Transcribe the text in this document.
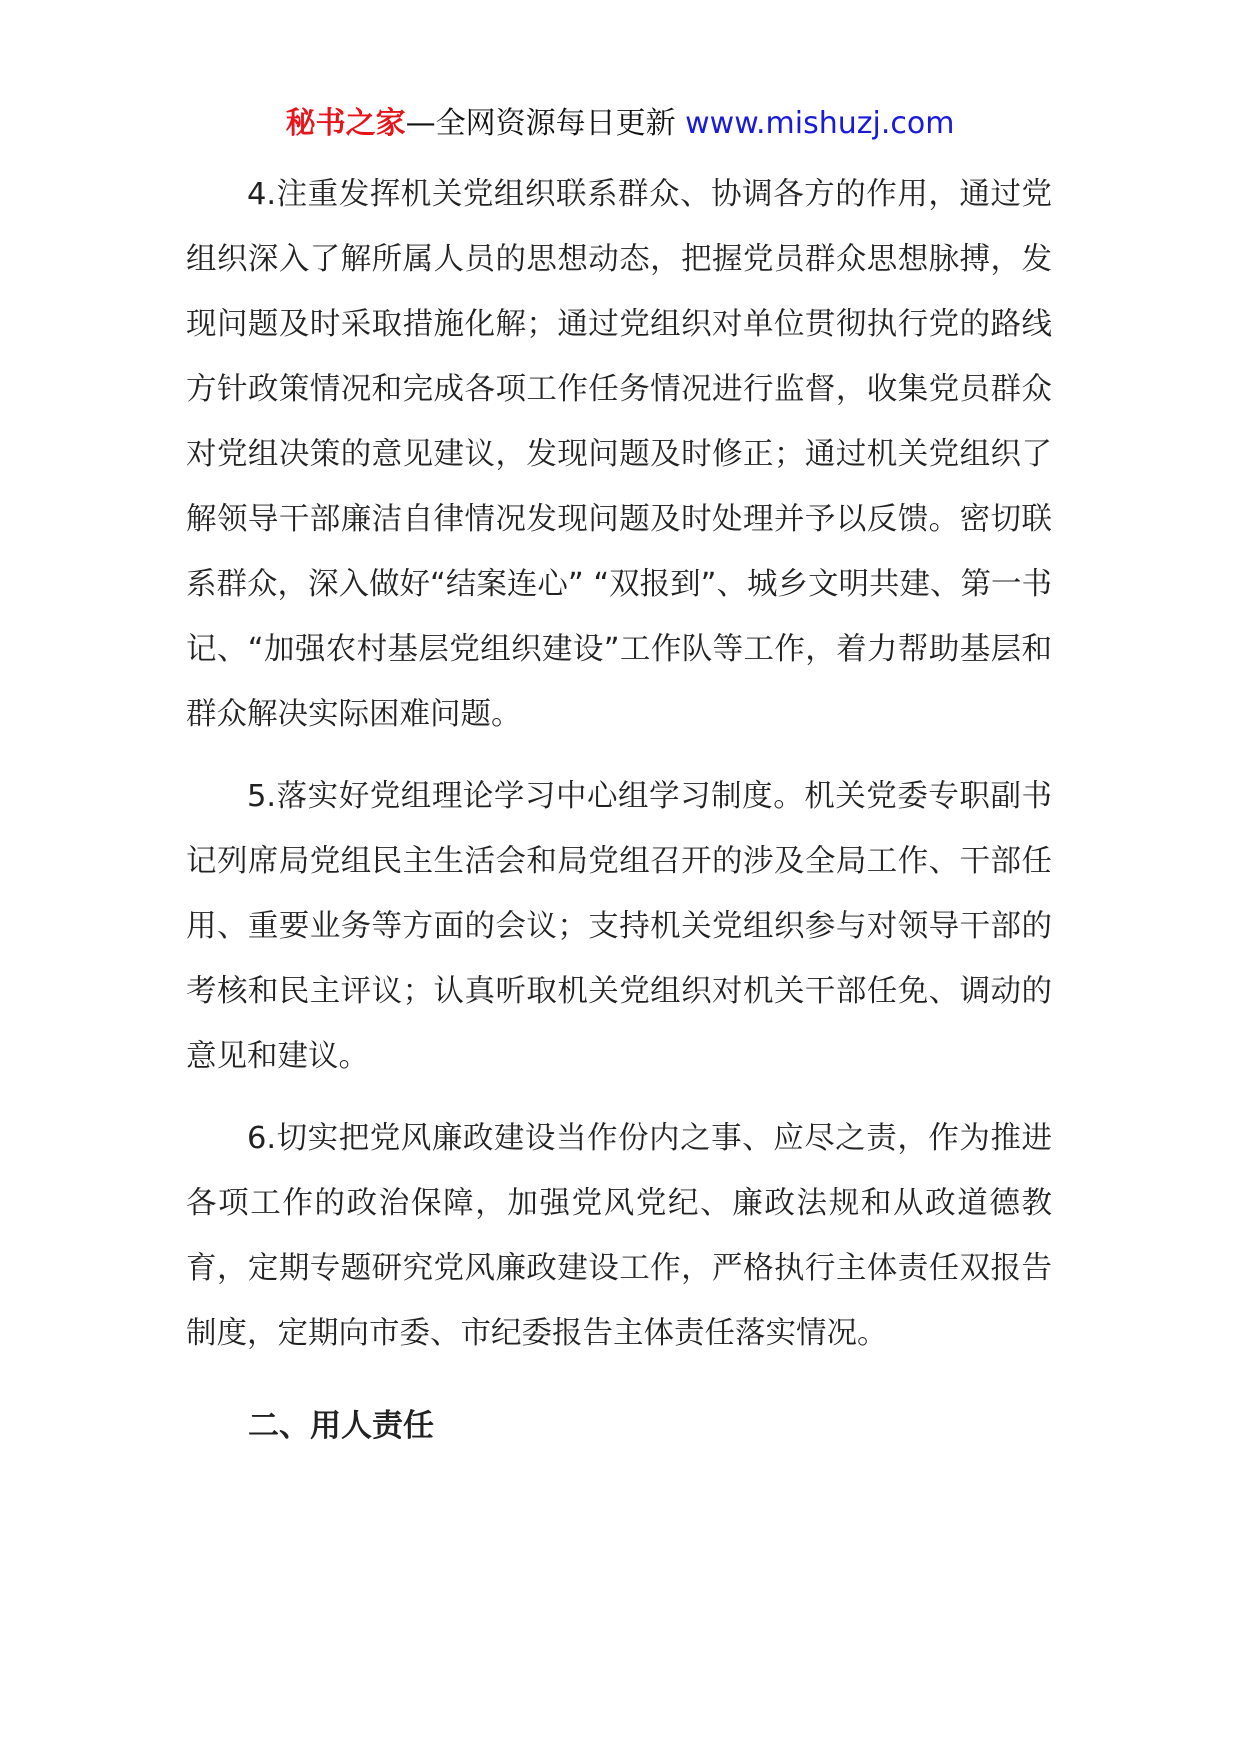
秘书之家—全网资源每日更新 www.mishuzj.com

4.注重发挥机关党组织联系群众、协调各方的作用，通过党组织深入了解所属人员的思想动态，把握党员群众思想脉搏，发现问题及时采取措施化解；通过党组织对单位贯彻执行党的路线方针政策情况和完成各项工作任务情况进行监督，收集党员群众对党组决策的意见建议，发现问题及时修正；通过机关党组织了解领导干部廉洁自律情况发现问题及时处理并予以反馈。密切联系群众，深入做好“结案连心” “双报到”、城乡文明共建、第一书记、“加强农村基层党组织建设”工作队等工作，着力帮助基层和群众解决实际困难问题。

5.落实好党组理论学习中心组学习制度。机关党委专职副书记列席局党组民主生活会和局党组召开的涉及全局工作、干部任用、重要业务等方面的会议；支持机关党组织参与对领导干部的考核和民主评议；认真听取机关党组织对机关干部任免、调动的意见和建议。

6.切实把党风廉政建设当作份内之事、应尽之责，作为推进各项工作的政治保障，加强党风党纪、廉政法规和从政道德教育，定期专题研究党风廉政建设工作，严格执行主体责任双报告制度，定期向市委、市纪委报告主体责任落实情况。

二、用人责任
